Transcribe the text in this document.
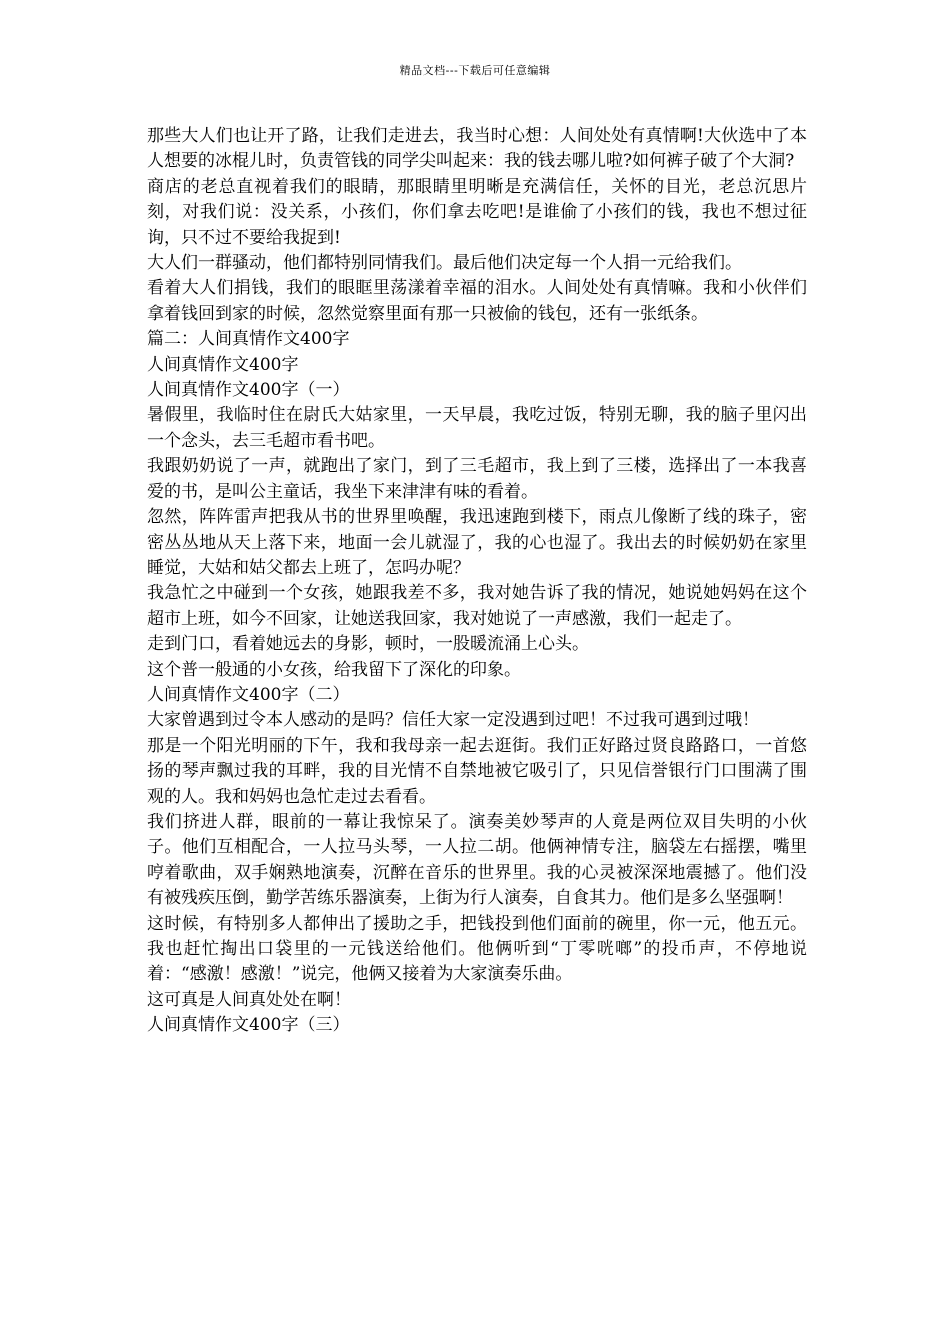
精品文档---下载后可任意编辑

那些大人们也让开了路，让我们走进去，我当时心想：人间处处有真情啊!大伙选中了本人想要的冰棍儿时，负责管钱的同学尖叫起来：我的钱去哪儿啦?如何裤子破了个大洞?

商店的老总直视着我们的眼睛，那眼睛里明晰是充满信任，关怀的目光，老总沉思片刻，对我们说：没关系，小孩们，你们拿去吃吧!是谁偷了小孩们的钱，我也不想过征询，只不过不要给我捉到!

大人们一群骚动，他们都特别同情我们。最后他们决定每一个人捐一元给我们。

看着大人们捐钱，我们的眼眶里荡漾着幸福的泪水。人间处处有真情嘛。我和小伙伴们拿着钱回到家的时候，忽然觉察里面有那一只被偷的钱包，还有一张纸条。

篇二：人间真情作文400字

人间真情作文400字

人间真情作文400字（一）

暑假里，我临时住在尉氏大姑家里，一天早晨，我吃过饭，特别无聊，我的脑子里闪出一个念头，去三毛超市看书吧。

我跟奶奶说了一声，就跑出了家门，到了三毛超市，我上到了三楼，选择出了一本我喜爱的书，是叫公主童话，我坐下来津津有味的看着。

忽然，阵阵雷声把我从书的世界里唤醒，我迅速跑到楼下，雨点儿像断了线的珠子，密密丛丛地从天上落下来，地面一会儿就湿了，我的心也湿了。我出去的时候奶奶在家里睡觉，大姑和姑父都去上班了，怎吗办呢？

我急忙之中碰到一个女孩，她跟我差不多，我对她告诉了我的情况，她说她妈妈在这个超市上班，如今不回家，让她送我回家，我对她说了一声感激，我们一起走了。

走到门口，看着她远去的身影，顿时，一股暖流涌上心头。

这个普一般通的小女孩，给我留下了深化的印象。

人间真情作文400字（二）

大家曾遇到过令本人感动的是吗？信任大家一定没遇到过吧！不过我可遇到过哦！

那是一个阳光明丽的下午，我和我母亲一起去逛街。我们正好路过贤良路路口，一首悠扬的琴声飘过我的耳畔，我的目光情不自禁地被它吸引了，只见信誉银行门口围满了围观的人。我和妈妈也急忙走过去看看。

我们挤进人群，眼前的一幕让我惊呆了。演奏美妙琴声的人竟是两位双目失明的小伙子。他们互相配合，一人拉马头琴，一人拉二胡。他俩神情专注，脑袋左右摇摆，嘴里哼着歌曲，双手娴熟地演奏，沉醉在音乐的世界里。我的心灵被深深地震撼了。他们没有被残疾压倒，勤学苦练乐器演奏，上街为行人演奏，自食其力。他们是多么坚强啊！

这时候，有特别多人都伸出了援助之手，把钱投到他们面前的碗里，你一元，他五元。我也赶忙掏出口袋里的一元钱送给他们。他俩听到“丁零咣啷”的投币声，不停地说着：“感激！感激！”说完，他俩又接着为大家演奏乐曲。

这可真是人间真处处在啊！

人间真情作文400字（三）
